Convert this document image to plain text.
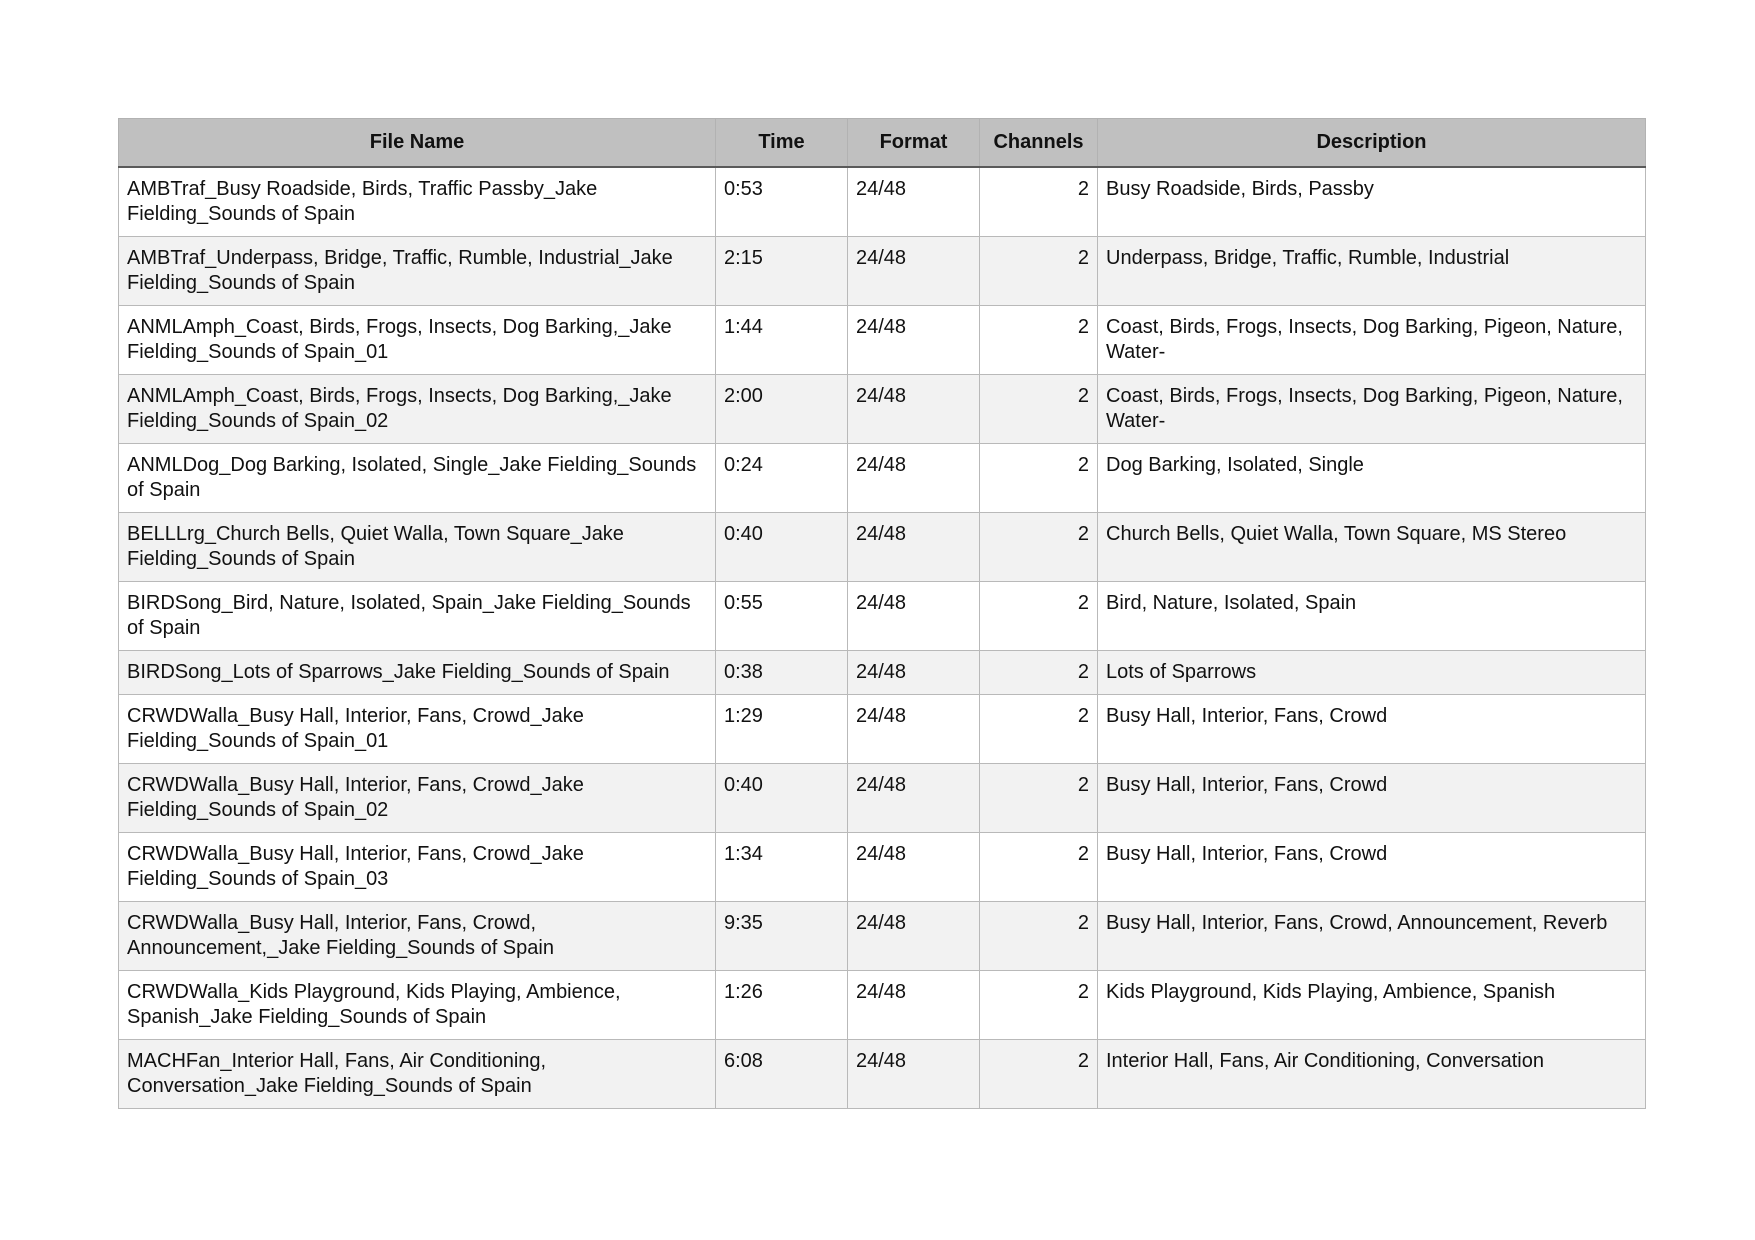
File Name	Time	Format	Channels	Description
AMBTraf_Busy Roadside, Birds, Traffic Passby_Jake Fielding_Sounds of Spain	0:53	24/48	2	Busy Roadside, Birds, Passby
AMBTraf_Underpass, Bridge, Traffic, Rumble, Industrial_Jake Fielding_Sounds of Spain	2:15	24/48	2	Underpass, Bridge, Traffic, Rumble, Industrial
ANMLAmph_Coast, Birds, Frogs, Insects, Dog Barking,_Jake Fielding_Sounds of Spain_01	1:44	24/48	2	Coast, Birds, Frogs, Insects, Dog Barking, Pigeon, Nature, Water-
ANMLAmph_Coast, Birds, Frogs, Insects, Dog Barking,_Jake Fielding_Sounds of Spain_02	2:00	24/48	2	Coast, Birds, Frogs, Insects, Dog Barking, Pigeon, Nature, Water-
ANMLDog_Dog Barking, Isolated, Single_Jake Fielding_Sounds of Spain	0:24	24/48	2	Dog Barking, Isolated, Single
BELLLrg_Church Bells, Quiet Walla, Town Square_Jake Fielding_Sounds of Spain	0:40	24/48	2	Church Bells, Quiet Walla, Town Square, MS Stereo
BIRDSong_Bird, Nature, Isolated, Spain_Jake Fielding_Sounds of Spain	0:55	24/48	2	Bird, Nature, Isolated, Spain
BIRDSong_Lots of Sparrows_Jake Fielding_Sounds of Spain	0:38	24/48	2	Lots of Sparrows
CRWDWalla_Busy Hall, Interior, Fans, Crowd_Jake Fielding_Sounds of Spain_01	1:29	24/48	2	Busy Hall, Interior, Fans, Crowd
CRWDWalla_Busy Hall, Interior, Fans, Crowd_Jake Fielding_Sounds of Spain_02	0:40	24/48	2	Busy Hall, Interior, Fans, Crowd
CRWDWalla_Busy Hall, Interior, Fans, Crowd_Jake Fielding_Sounds of Spain_03	1:34	24/48	2	Busy Hall, Interior, Fans, Crowd
CRWDWalla_Busy Hall, Interior, Fans, Crowd, Announcement,_Jake Fielding_Sounds of Spain	9:35	24/48	2	Busy Hall, Interior, Fans, Crowd, Announcement, Reverb
CRWDWalla_Kids Playground, Kids Playing, Ambience, Spanish_Jake Fielding_Sounds of Spain	1:26	24/48	2	Kids Playground, Kids Playing, Ambience, Spanish
MACHFan_Interior Hall, Fans, Air Conditioning, Conversation_Jake Fielding_Sounds of Spain	6:08	24/48	2	Interior Hall, Fans, Air Conditioning, Conversation
